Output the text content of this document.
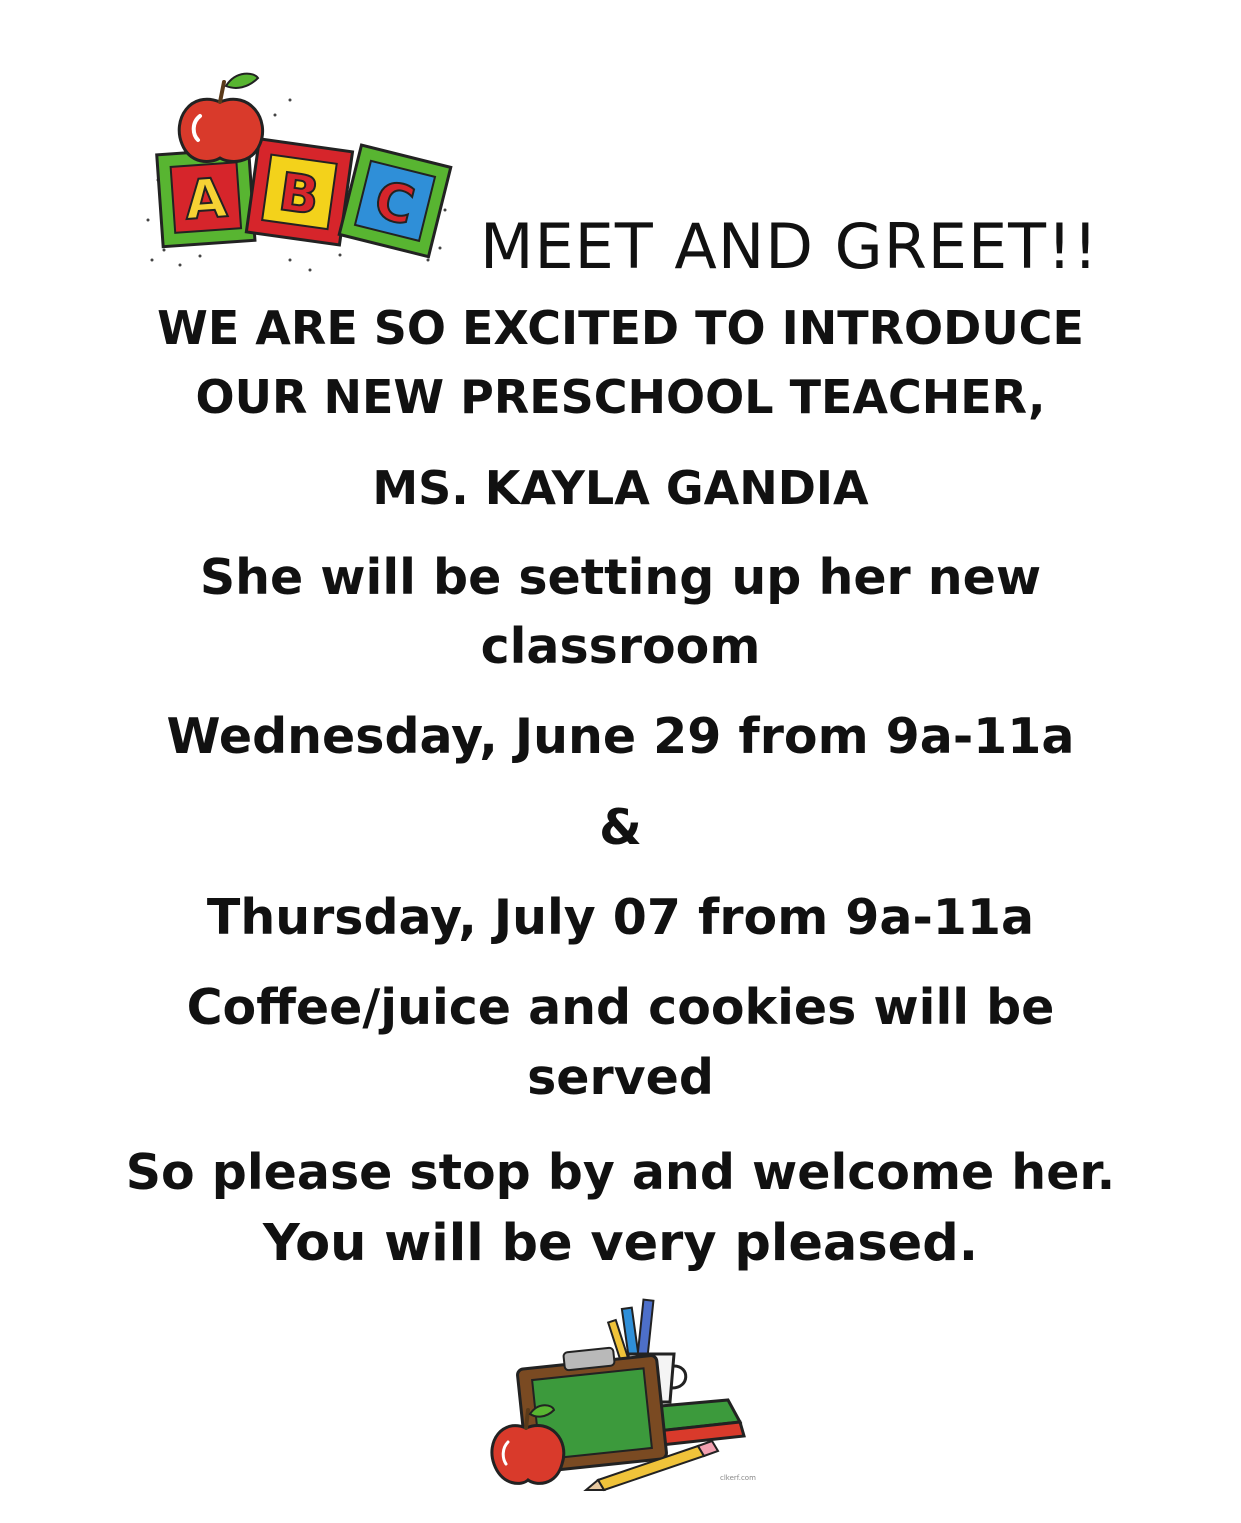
A B C
MEET AND GREET!!
WE ARE SO EXCITED TO INTRODUCE
OUR NEW PRESCHOOL TEACHER,
MS. KAYLA GANDIA
She will be setting up her new
classroom
Wednesday, June 29 from 9a-11a
&
Thursday, July 07 from 9a-11a
Coffee/juice and cookies will be
served
So please stop by and welcome her.
You will be very pleased.
clkerf.com
